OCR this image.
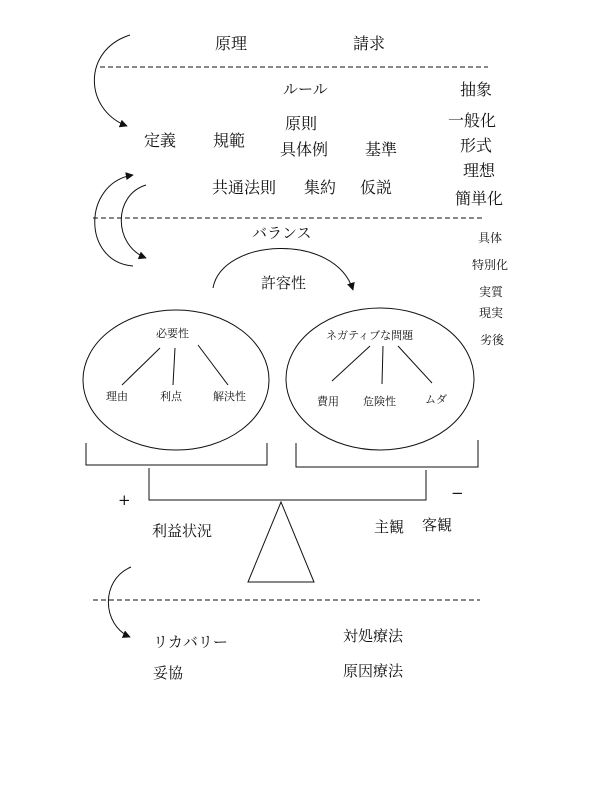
原理	請求
ルール
定義 規範
原則
具体例 基準
共通法則 集約 仮説
抽象
一般化
形式
理想
簡単化
具体
特別化
実質
現実
劣後
バランス
許容性
必要性
理由	利点	解決性
ネガティブな問題
費用 危険性	ムダ
+	−
利益状況	主観 客観
リカバリー
妥協
対処療法
原因療法
